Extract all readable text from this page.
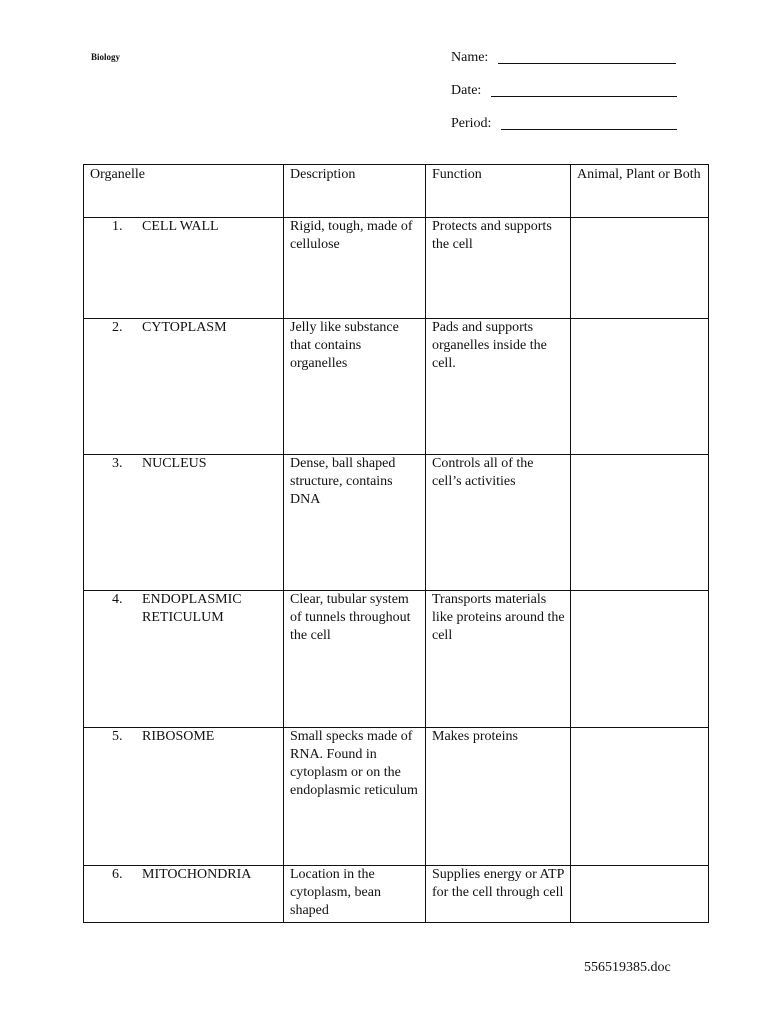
Biology	Name:
Date:
Period:
Organelle	Description	Function	Animal, Plant or Both

1. CELL WALL	Rigid, tough, made of cellulose	Protects and supports the cell	

2. CYTOPLASM	Jelly like substance that contains organelles	Pads and supports organelles inside the cell.	

3. NUCLEUS	Dense, ball shaped structure, contains DNA	Controls all of the cell’s activities	

4. ENDOPLASMIC RETICULUM	Clear, tubular system of tunnels throughout the cell	Transports materials like proteins around the cell	

5. RIBOSOME	Small specks made of RNA. Found in cytoplasm or on the endoplasmic reticulum	Makes proteins	

6. MITOCHONDRIA	Location in the cytoplasm, bean shaped	Supplies energy or ATP for the cell through cell	
556519385.doc
